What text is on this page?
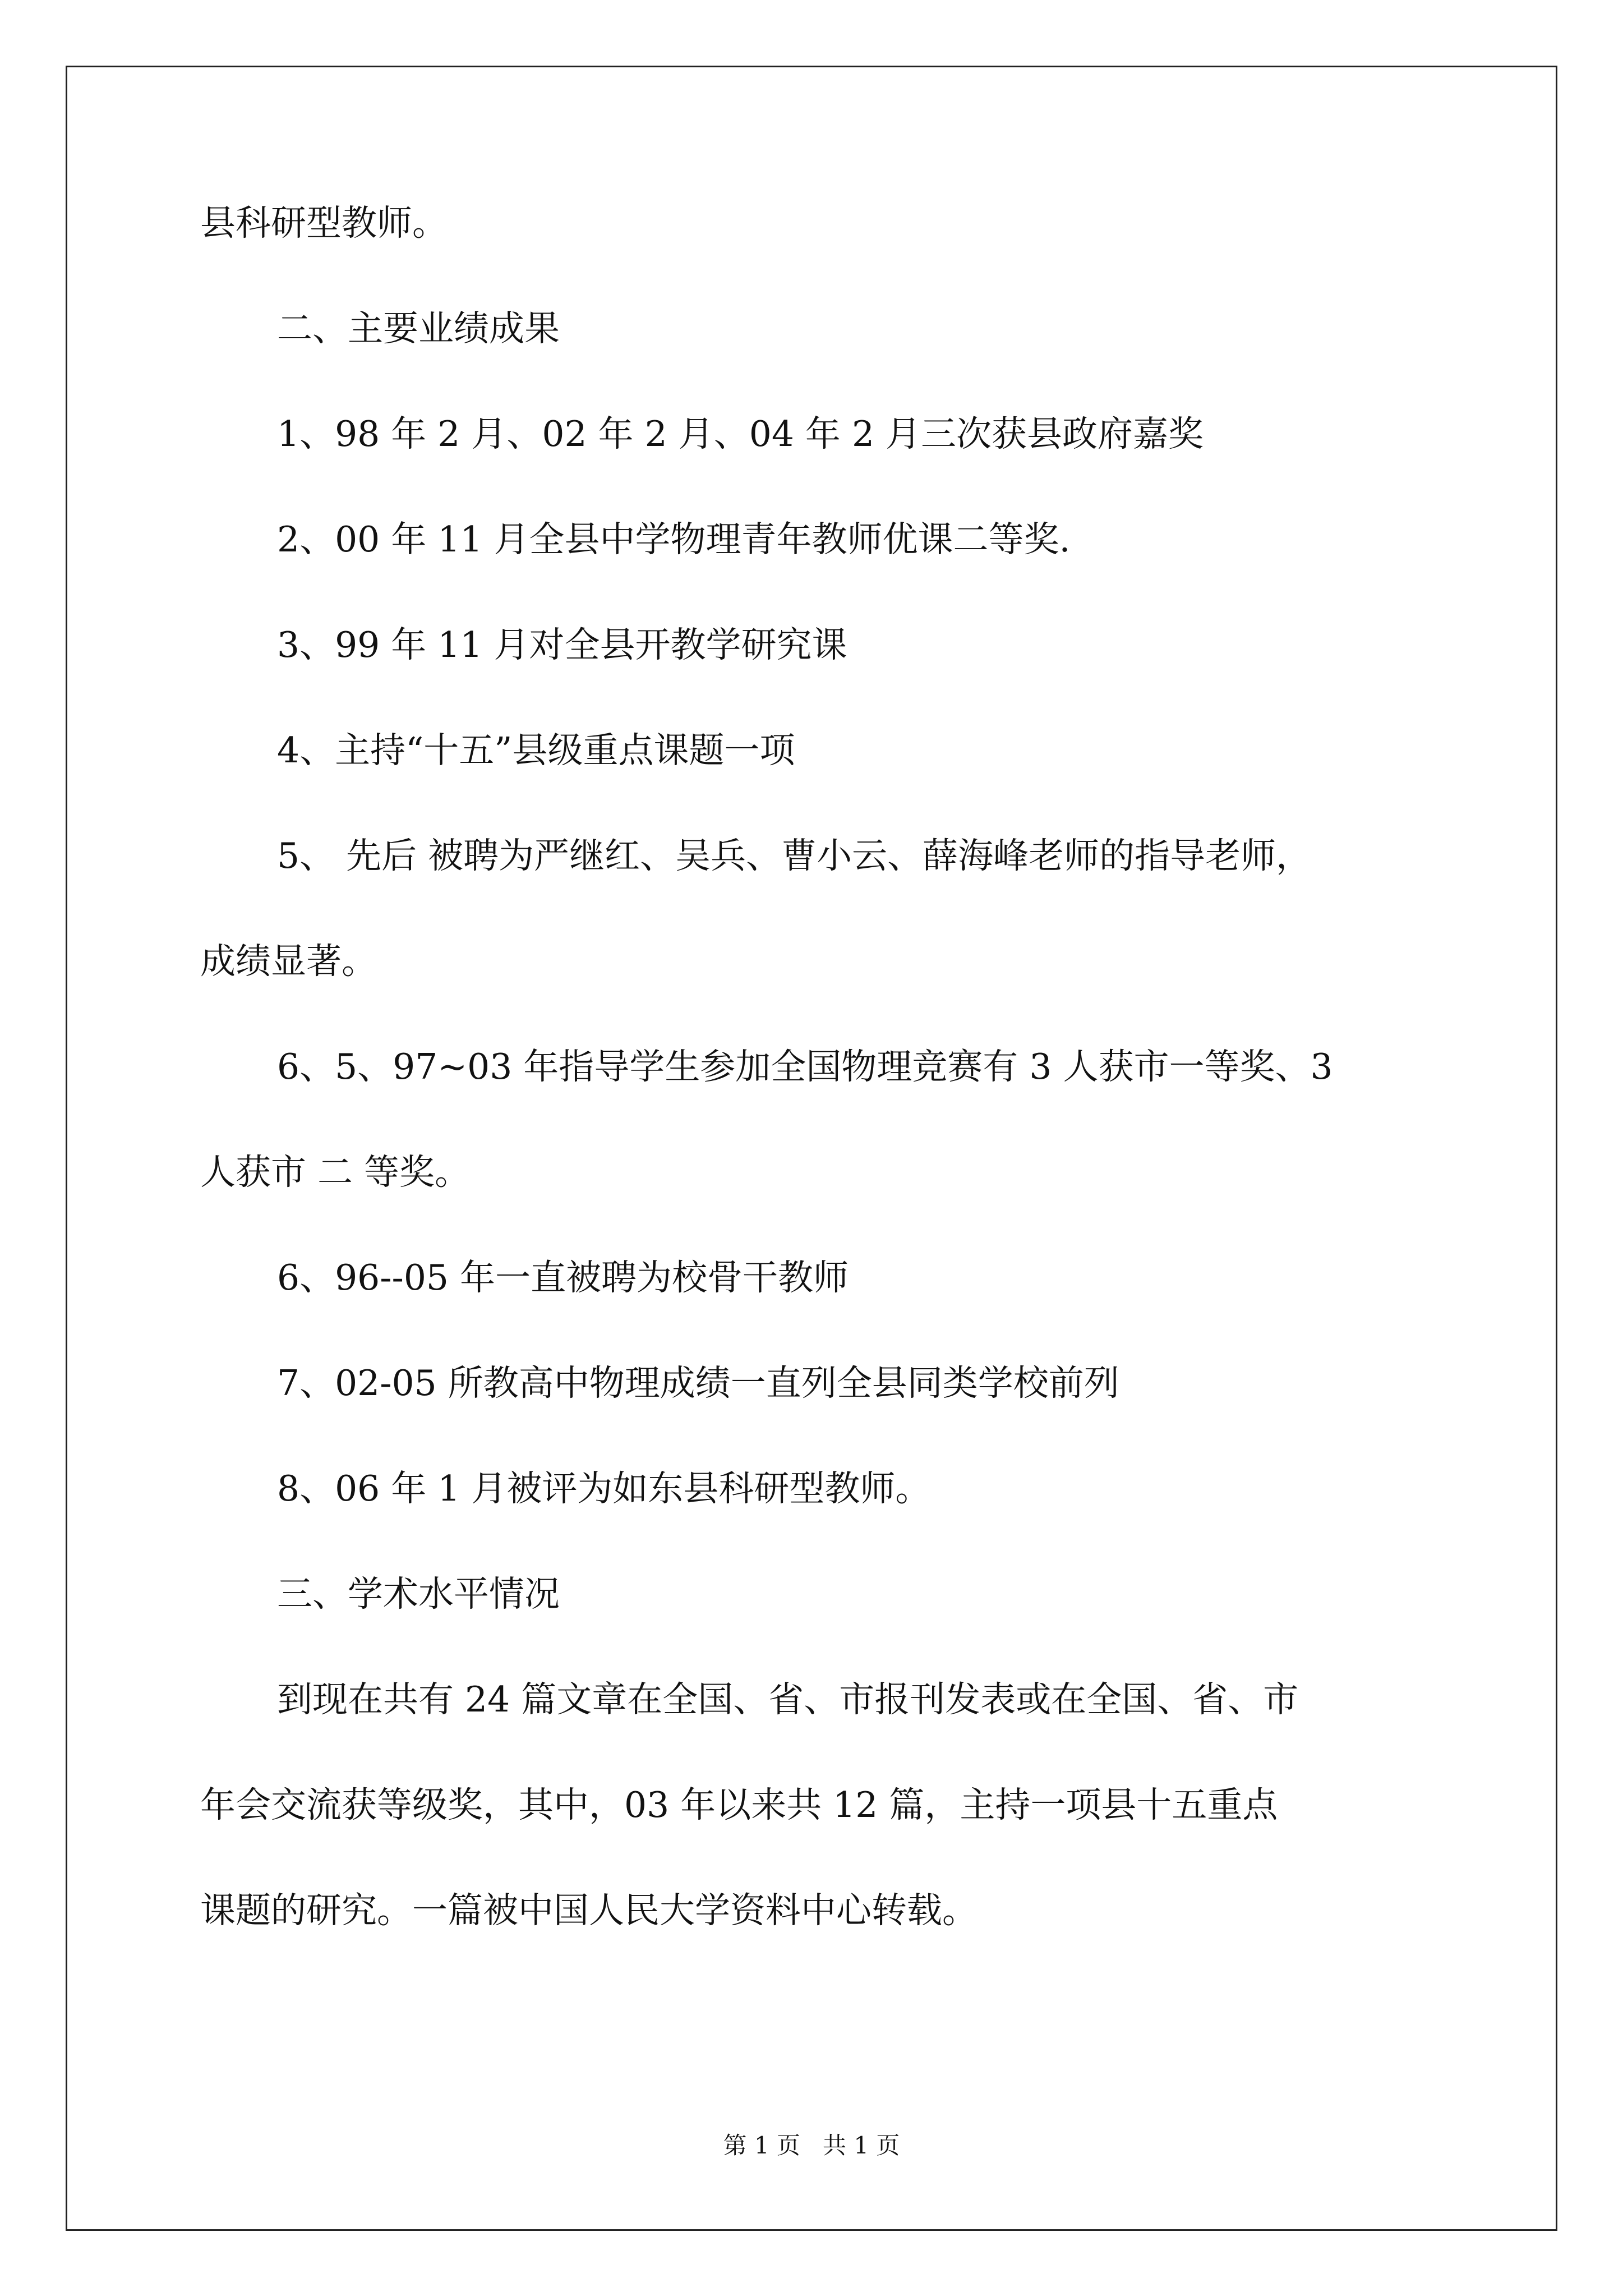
县科研型教师。
二、主要业绩成果
1、98 年 2 月、02 年 2 月、04 年 2 月三次获县政府嘉奖
2、00 年 11 月全县中学物理青年教师优课二等奖.
3、99 年 11 月对全县开教学研究课
4、主持“十五”县级重点课题一项
5、 先后 被聘为严继红、吴兵、曹小云、薛海峰老师的指导老师，
成绩显著。
6、5、97~03 年指导学生参加全国物理竞赛有 3 人获市一等奖、3
人获市 二 等奖。
6、96--05 年一直被聘为校骨干教师
7、02-05 所教高中物理成绩一直列全县同类学校前列
8、06 年 1 月被评为如东县科研型教师。
三、学术水平情况
到现在共有 24 篇文章在全国、省、市报刊发表或在全国、省、市
年会交流获等级奖，其中，03 年以来共 12 篇，主持一项县十五重点
课题的研究。一篇被中国人民大学资料中心转载。
第 1 页 共 1 页
